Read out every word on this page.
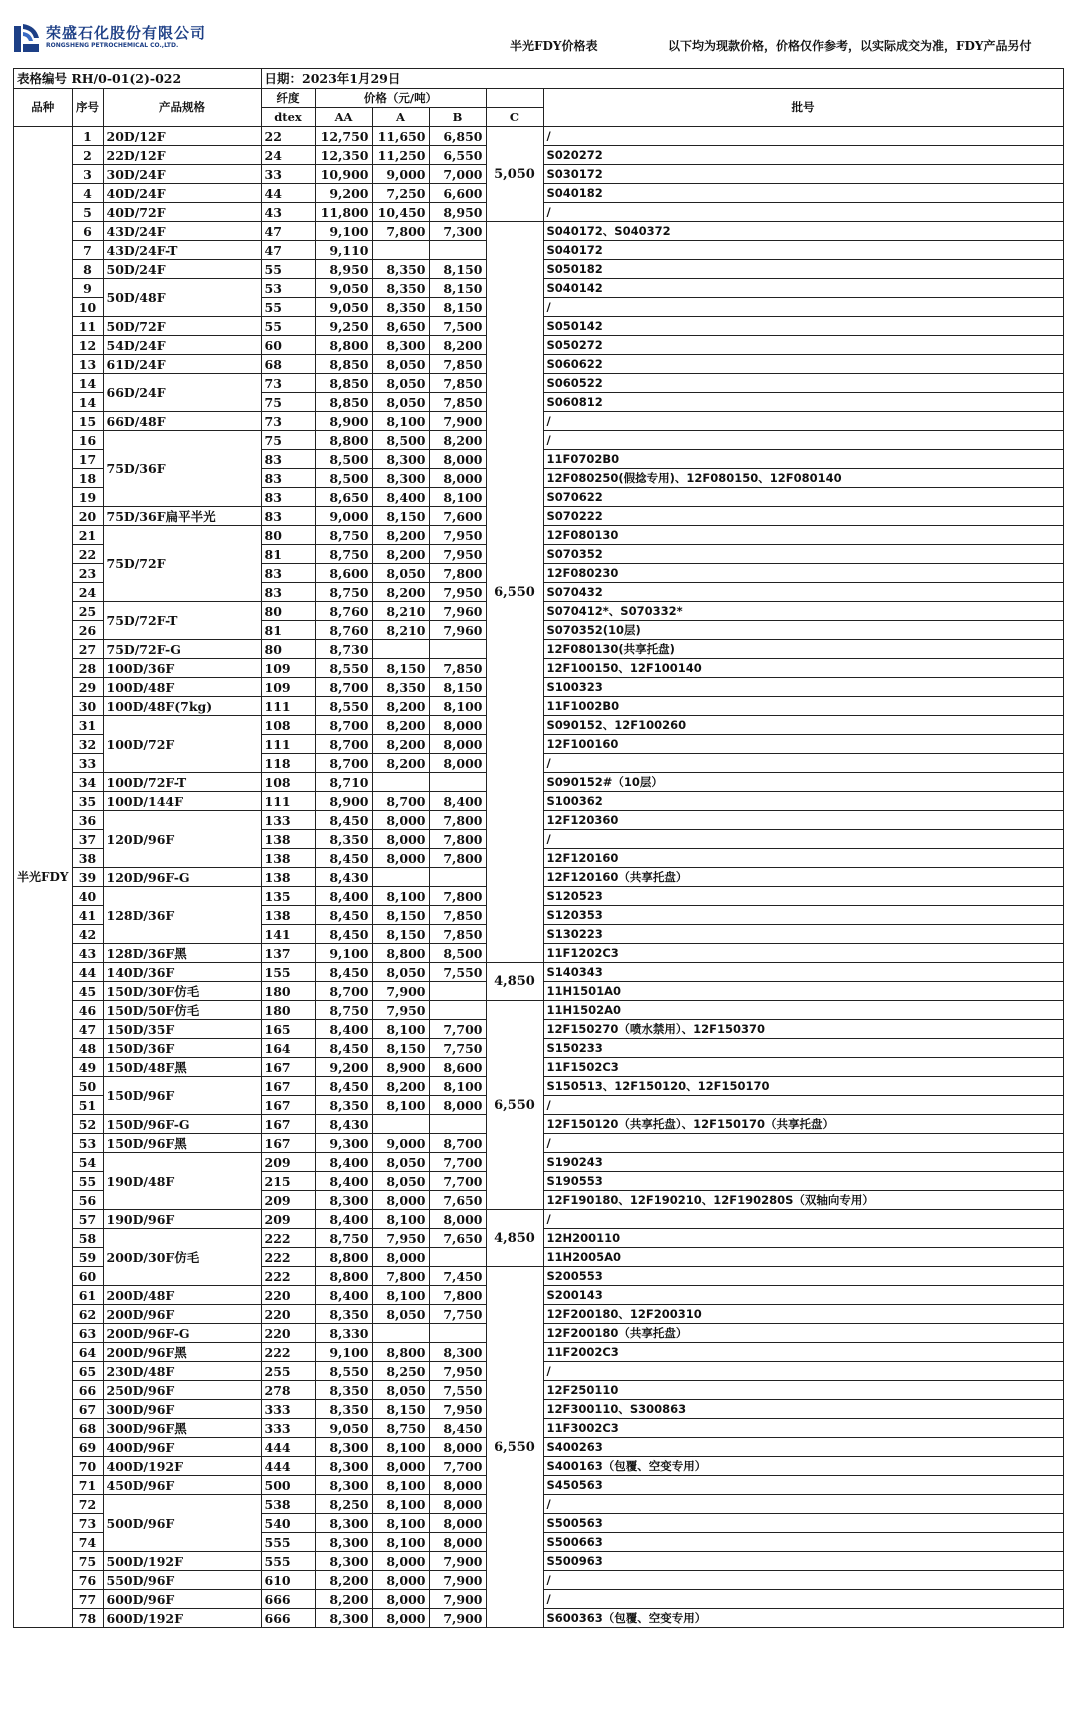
荣盛石化股份有限公司
RONGSHENG PETROCHEMICAL CO.,LTD.	半光FDY价格表	以下均为现款价格，价格仅作参考，以实际成交为准，FDY产品另付
表格编号 RH/0-01(2)-022			日期：2023年1月29日					
品种	序号	产品规格	纤度	价格（元/吨）				批号
			dtex	AA	A	B	C	
半光FDY	1	20D/12F	22	12,750	11,650	6,850	5,050	/
	2	22D/12F	24	12,350	11,250	6,550		S020272
	3	30D/24F	33	10,900	9,000	7,000		S030172
	4	40D/24F	44	9,200	7,250	6,600		S040182
	5	40D/72F	43	11,800	10,450	8,950		/
	6	43D/24F	47	9,100	7,800	7,300	6,550	S040172、S040372
	7	43D/24F-T	47	9,110				S040172
	8	50D/24F	55	8,950	8,350	8,150		S050182
	9	50D/48F	53	9,050	8,350	8,150		S040142
	10		55	9,050	8,350	8,150		/
	11	50D/72F	55	9,250	8,650	7,500		S050142
	12	54D/24F	60	8,800	8,300	8,200		S050272
	13	61D/24F	68	8,850	8,050	7,850		S060622
	14	66D/24F	73	8,850	8,050	7,850		S060522
	14		75	8,850	8,050	7,850		S060812
	15	66D/48F	73	8,900	8,100	7,900		/
	16	75D/36F	75	8,800	8,500	8,200		/
	17		83	8,500	8,300	8,000		11F0702B0
	18		83	8,500	8,300	8,000		12F080250(假捻专用)、12F080150、12F080140
	19		83	8,650	8,400	8,100		S070622
	20	75D/36F扁平半光	83	9,000	8,150	7,600		S070222
	21	75D/72F	80	8,750	8,200	7,950		12F080130
	22		81	8,750	8,200	7,950		S070352
	23		83	8,600	8,050	7,800		12F080230
	24		83	8,750	8,200	7,950		S070432
	25	75D/72F-T	80	8,760	8,210	7,960		S070412*、S070332*
	26		81	8,760	8,210	7,960		S070352(10层)
	27	75D/72F-G	80	8,730				12F080130(共享托盘)
	28	100D/36F	109	8,550	8,150	7,850		12F100150、12F100140
	29	100D/48F	109	8,700	8,350	8,150		S100323
	30	100D/48F(7kg)	111	8,550	8,200	8,100		11F1002B0
	31	100D/72F	108	8,700	8,200	8,000		S090152、12F100260
	32		111	8,700	8,200	8,000		12F100160
	33		118	8,700	8,200	8,000		/
	34	100D/72F-T	108	8,710				S090152#（10层）
	35	100D/144F	111	8,900	8,700	8,400		S100362
	36	120D/96F	133	8,450	8,000	7,800		12F120360
	37		138	8,350	8,000	7,800		/
	38		138	8,450	8,000	7,800		12F120160
	39	120D/96F-G	138	8,430				12F120160（共享托盘）
	40	128D/36F	135	8,400	8,100	7,800		S120523
	41		138	8,450	8,150	7,850		S120353
	42		141	8,450	8,150	7,850		S130223
	43	128D/36F黑	137	9,100	8,800	8,500		11F1202C3
	44	140D/36F	155	8,450	8,050	7,550	4,850	S140343
	45	150D/30F仿毛	180	8,700	7,900			11H1501A0
	46	150D/50F仿毛	180	8,750	7,950		6,550	11H1502A0
	47	150D/35F	165	8,400	8,100	7,700		12F150270（喷水禁用）、12F150370
	48	150D/36F	164	8,450	8,150	7,750		S150233
	49	150D/48F黑	167	9,200	8,900	8,600		11F1502C3
	50	150D/96F	167	8,450	8,200	8,100		S150513、12F150120、12F150170
	51		167	8,350	8,100	8,000		/
	52	150D/96F-G	167	8,430				12F150120（共享托盘）、12F150170（共享托盘）
	53	150D/96F黑	167	9,300	9,000	8,700		/
	54	190D/48F	209	8,400	8,050	7,700		S190243
	55		215	8,400	8,050	7,700		S190553
	56		209	8,300	8,000	7,650		12F190180、12F190210、12F190280S（双轴向专用）
	57	190D/96F	209	8,400	8,100	8,000	4,850	/
	58	200D/30F仿毛	222	8,750	7,950	7,650		12H200110
	59		222	8,800	8,000			11H2005A0
	60		222	8,800	7,800	7,450	6,550	S200553
	61	200D/48F	220	8,400	8,100	7,800		S200143
	62	200D/96F	220	8,350	8,050	7,750		12F200180、12F200310
	63	200D/96F-G	220	8,330				12F200180（共享托盘）
	64	200D/96F黑	222	9,100	8,800	8,300		11F2002C3
	65	230D/48F	255	8,550	8,250	7,950		/
	66	250D/96F	278	8,350	8,050	7,550		12F250110
	67	300D/96F	333	8,350	8,150	7,950		12F300110、S300863
	68	300D/96F黑	333	9,050	8,750	8,450		11F3002C3
	69	400D/96F	444	8,300	8,100	8,000		S400263
	70	400D/192F	444	8,300	8,000	7,700		S400163（包覆、空变专用）
	71	450D/96F	500	8,300	8,100	8,000		S450563
	72	500D/96F	538	8,250	8,100	8,000		/
	73		540	8,300	8,100	8,000		S500563
	74		555	8,300	8,100	8,000		S500663
	75	500D/192F	555	8,300	8,000	7,900		S500963
	76	550D/96F	610	8,200	8,000	7,900		/
	77	600D/96F	666	8,200	8,000	7,900		/
	78	600D/192F	666	8,300	8,000	7,900		S600363（包覆、空变专用）
